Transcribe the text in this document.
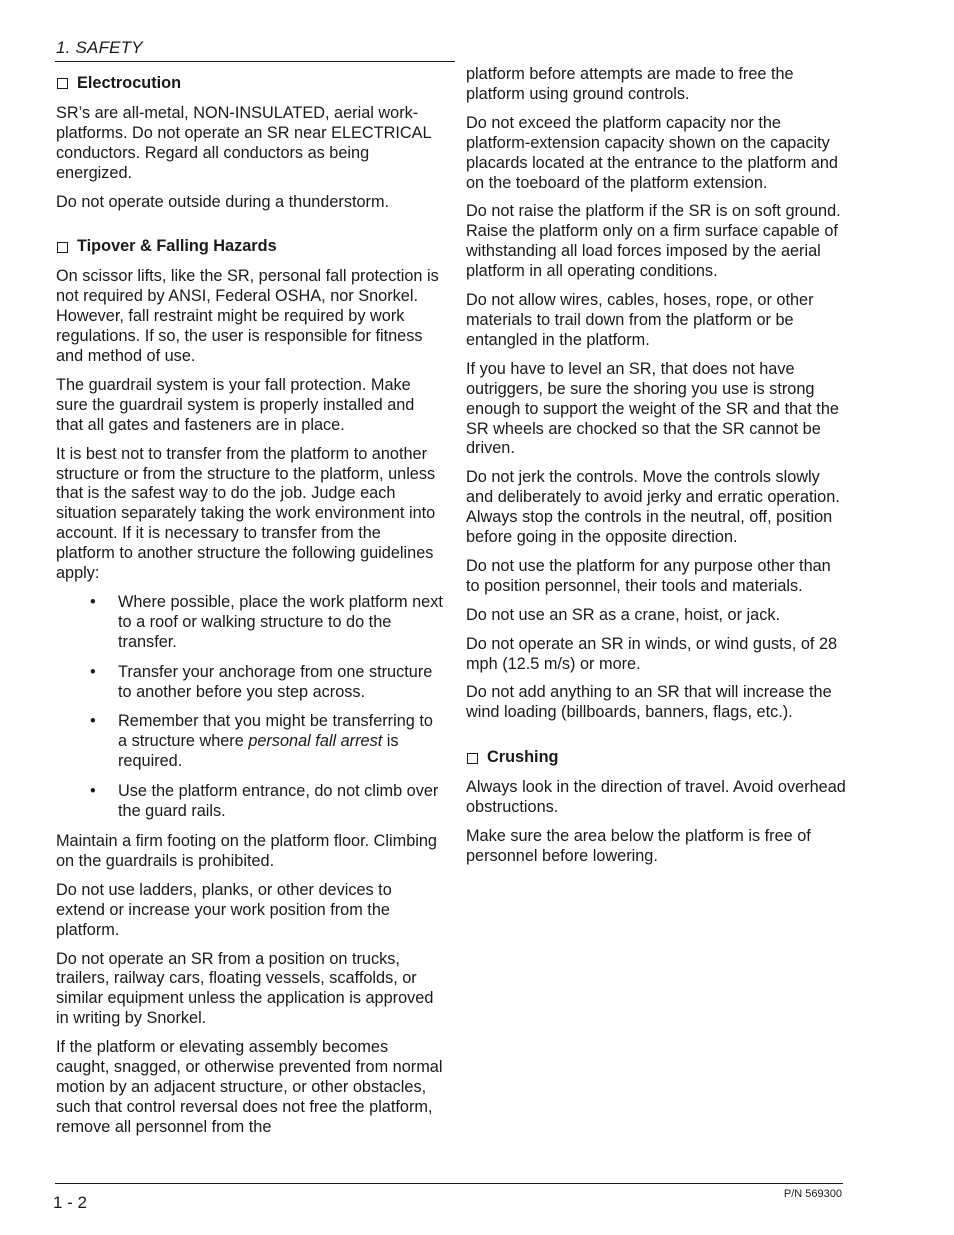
1. SAFETY
Electrocution

SR’s are all-metal, NON-INSULATED, aerial work-platforms. Do not operate an SR near ELECTRICAL conductors. Regard all conductors as being energized.

Do not operate outside during a thunderstorm.

Tipover & Falling Hazards

On scissor lifts, like the SR, personal fall protection is not required by ANSI, Federal OSHA, nor Snorkel. However, fall restraint might be required by work regulations. If so, the user is responsible for fitness and method of use.

The guardrail system is your fall protection. Make sure the guardrail system is properly installed and that all gates and fasteners are in place.

It is best not to transfer from the platform to another structure or from the structure to the platform, unless that is the safest way to do the job. Judge each situation separately taking the work environment into account. If it is necessary to transfer from the platform to another structure the following guidelines apply:

• Where possible, place the work platform next to a roof or walking structure to do the transfer.
• Transfer your anchorage from one structure to another before you step across.
• Remember that you might be transferring to a structure where personal fall arrest is required.
• Use the platform entrance, do not climb over the guard rails.

Maintain a firm footing on the platform floor. Climbing on the guardrails is prohibited.

Do not use ladders, planks, or other devices to extend or increase your work position from the platform.

Do not operate an SR from a position on trucks, trailers, railway cars, floating vessels, scaffolds, or similar equipment unless the application is approved in writing by Snorkel.

If the platform or elevating assembly becomes caught, snagged, or otherwise prevented from normal motion by an adjacent structure, or other obstacles, such that control reversal does not free the platform, remove all personnel from the

platform before attempts are made to free the platform using ground controls.

Do not exceed the platform capacity nor the platform-extension capacity shown on the capacity placards located at the entrance to the platform and on the toeboard of the platform extension.

Do not raise the platform if the SR is on soft ground. Raise the platform only on a firm surface capable of withstanding all load forces imposed by the aerial platform in all operating conditions.

Do not allow wires, cables, hoses, rope, or other materials to trail down from the platform or be entangled in the platform.

If you have to level an SR, that does not have outriggers, be sure the shoring you use is strong enough to support the weight of the SR and that the SR wheels are chocked so that the SR cannot be driven.

Do not jerk the controls. Move the controls slowly and deliberately to avoid jerky and erratic operation. Always stop the controls in the neutral, off, position before going in the opposite direction.

Do not use the platform for any purpose other than to position personnel, their tools and materials.

Do not use an SR as a crane, hoist, or jack.

Do not operate an SR in winds, or wind gusts, of 28 mph (12.5 m/s) or more.

Do not add anything to an SR that will increase the wind loading (billboards, banners, flags, etc.).

Crushing

Always look in the direction of travel. Avoid overhead obstructions.

Make sure the area below the platform is free of personnel before lowering.

1 - 2	P/N 569300
